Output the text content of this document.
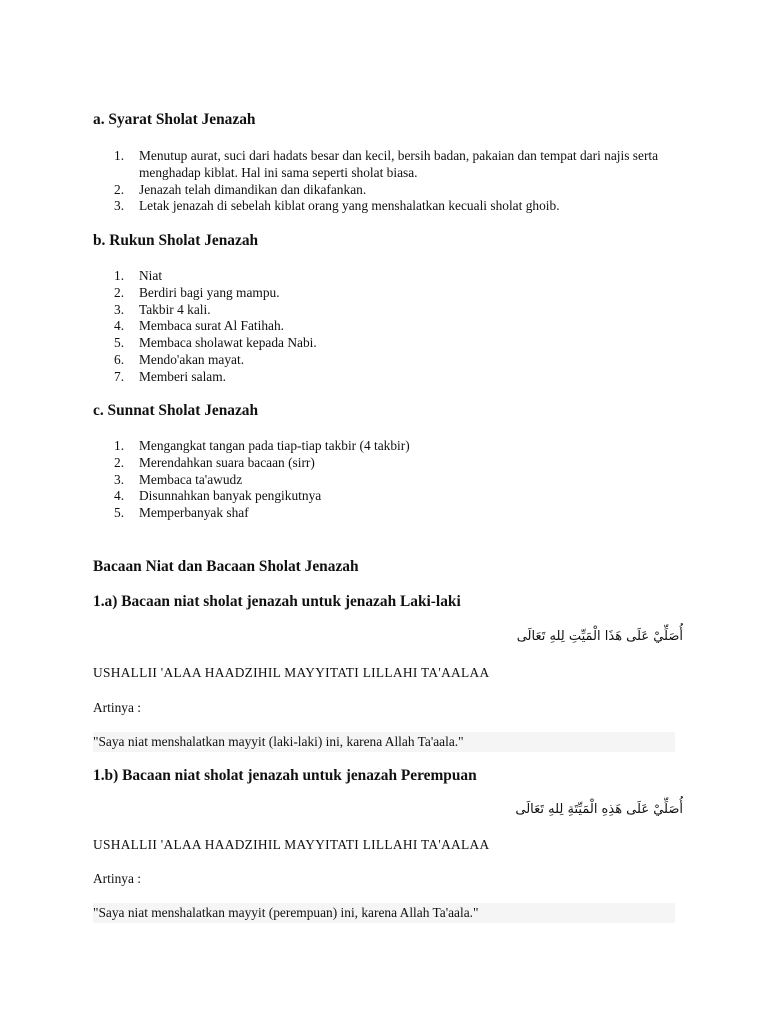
a. Syarat Sholat Jenazah
1. Menutup aurat, suci dari hadats besar dan kecil, bersih badan, pakaian dan tempat dari najis serta menghadap kiblat. Hal ini sama seperti sholat biasa.
2. Jenazah telah dimandikan dan dikafankan.
3. Letak jenazah di sebelah kiblat orang yang menshalatkan kecuali sholat ghoib.
b. Rukun Sholat Jenazah
1. Niat
2. Berdiri bagi yang mampu.
3. Takbir 4 kali.
4. Membaca surat Al Fatihah.
5. Membaca sholawat kepada Nabi.
6. Mendo'akan mayat.
7. Memberi salam.
c. Sunnat Sholat Jenazah
1. Mengangkat tangan pada tiap-tiap takbir (4 takbir)
2. Merendahkan suara bacaan (sirr)
3. Membaca ta'awudz
4. Disunnahkan banyak pengikutnya
5. Memperbanyak shaf
Bacaan Niat dan Bacaan Sholat Jenazah
1.a) Bacaan niat sholat jenazah untuk jenazah Laki-laki
أُصَلِّيْ عَلَى هَذَا الْمَيِّتِ لِلهِ تَعَالَى
USHALLII 'ALAA HAADZIHIL MAYYITATI LILLAHI TA'AALAA
Artinya :
"Saya niat menshalatkan mayyit (laki-laki) ini, karena Allah Ta'aala."
1.b) Bacaan niat sholat jenazah untuk jenazah Perempuan
أُصَلِّيْ عَلَى هَذِهِ الْمَيِّتَةِ لِلهِ تَعَالَى
USHALLII 'ALAA HAADZIHIL MAYYITATI LILLAHI TA'AALAA
Artinya :
"Saya niat menshalatkan mayyit (perempuan) ini, karena Allah Ta'aala."
